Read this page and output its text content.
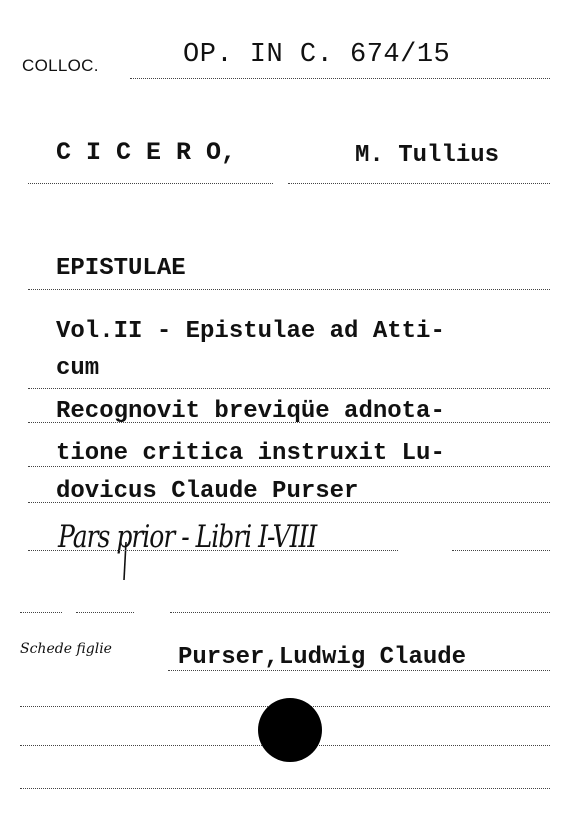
COLLOC.	OP. IN C. 674/15
C I C E R O,	M. Tullius
EPISTULAE
Vol.II - Epistulae ad Atti-
cum
Recognovit breviqüe adnota-
tione critica instruxit Lu-
dovicus Claude Purser
Pars prior - Libri I-VIII
Schede figlie	Purser,Ludwig Claude
